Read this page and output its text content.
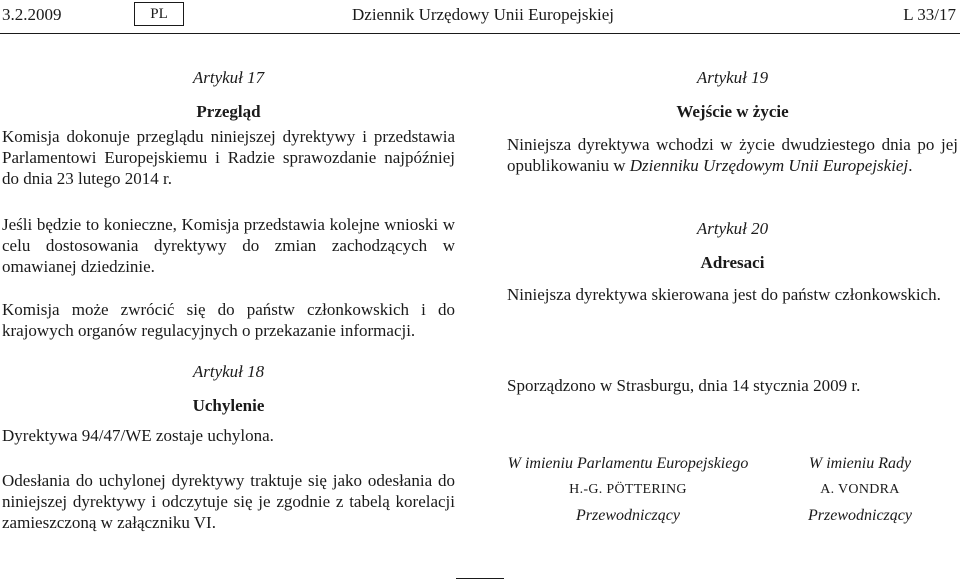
3.2.2009	PL	Dziennik Urzędowy Unii Europejskiej	L 33/17

Artykuł 17

Przegląd

Komisja dokonuje przeglądu niniejszej dyrektywy i przedstawia Parlamentowi Europejskiemu i Radzie sprawozdanie najpóźniej do dnia 23 lutego 2014 r.

Jeśli będzie to konieczne, Komisja przedstawia kolejne wnioski w celu dostosowania dyrektywy do zmian zachodzących w omawianej dziedzinie.

Komisja może zwrócić się do państw członkowskich i do krajowych organów regulacyjnych o przekazanie informacji.

Artykuł 18

Uchylenie

Dyrektywa 94/47/WE zostaje uchylona.

Odesłania do uchylonej dyrektywy traktuje się jako odesłania do niniejszej dyrektywy i odczytuje się je zgodnie z tabelą korelacji zamieszczoną w załączniku VI.

Artykuł 19

Wejście w życie

Niniejsza dyrektywa wchodzi w życie dwudziestego dnia po jej opublikowaniu w Dzienniku Urzędowym Unii Europejskiej.

Artykuł 20

Adresaci

Niniejsza dyrektywa skierowana jest do państw członkowskich.

Sporządzono w Strasburgu, dnia 14 stycznia 2009 r.

W imieniu Parlamentu Europejskiego
H.-G. PÖTTERING
Przewodniczący
W imieniu Rady
A. VONDRA
Przewodniczący
